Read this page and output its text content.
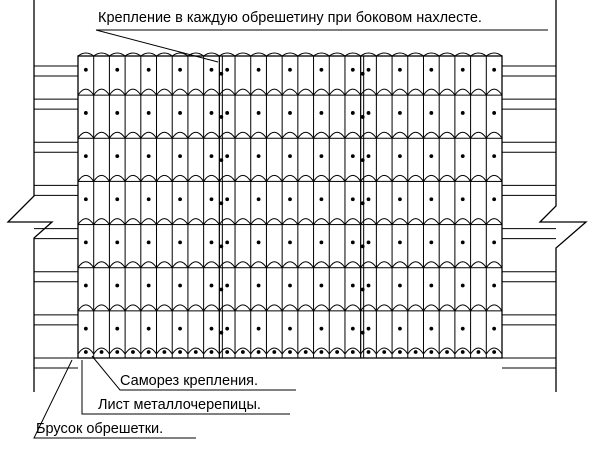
Крепление в каждую обрешетину при боковом нахлесте.
Саморез крепления.
Лист металлочерепицы.
Брусок обрешетки.
